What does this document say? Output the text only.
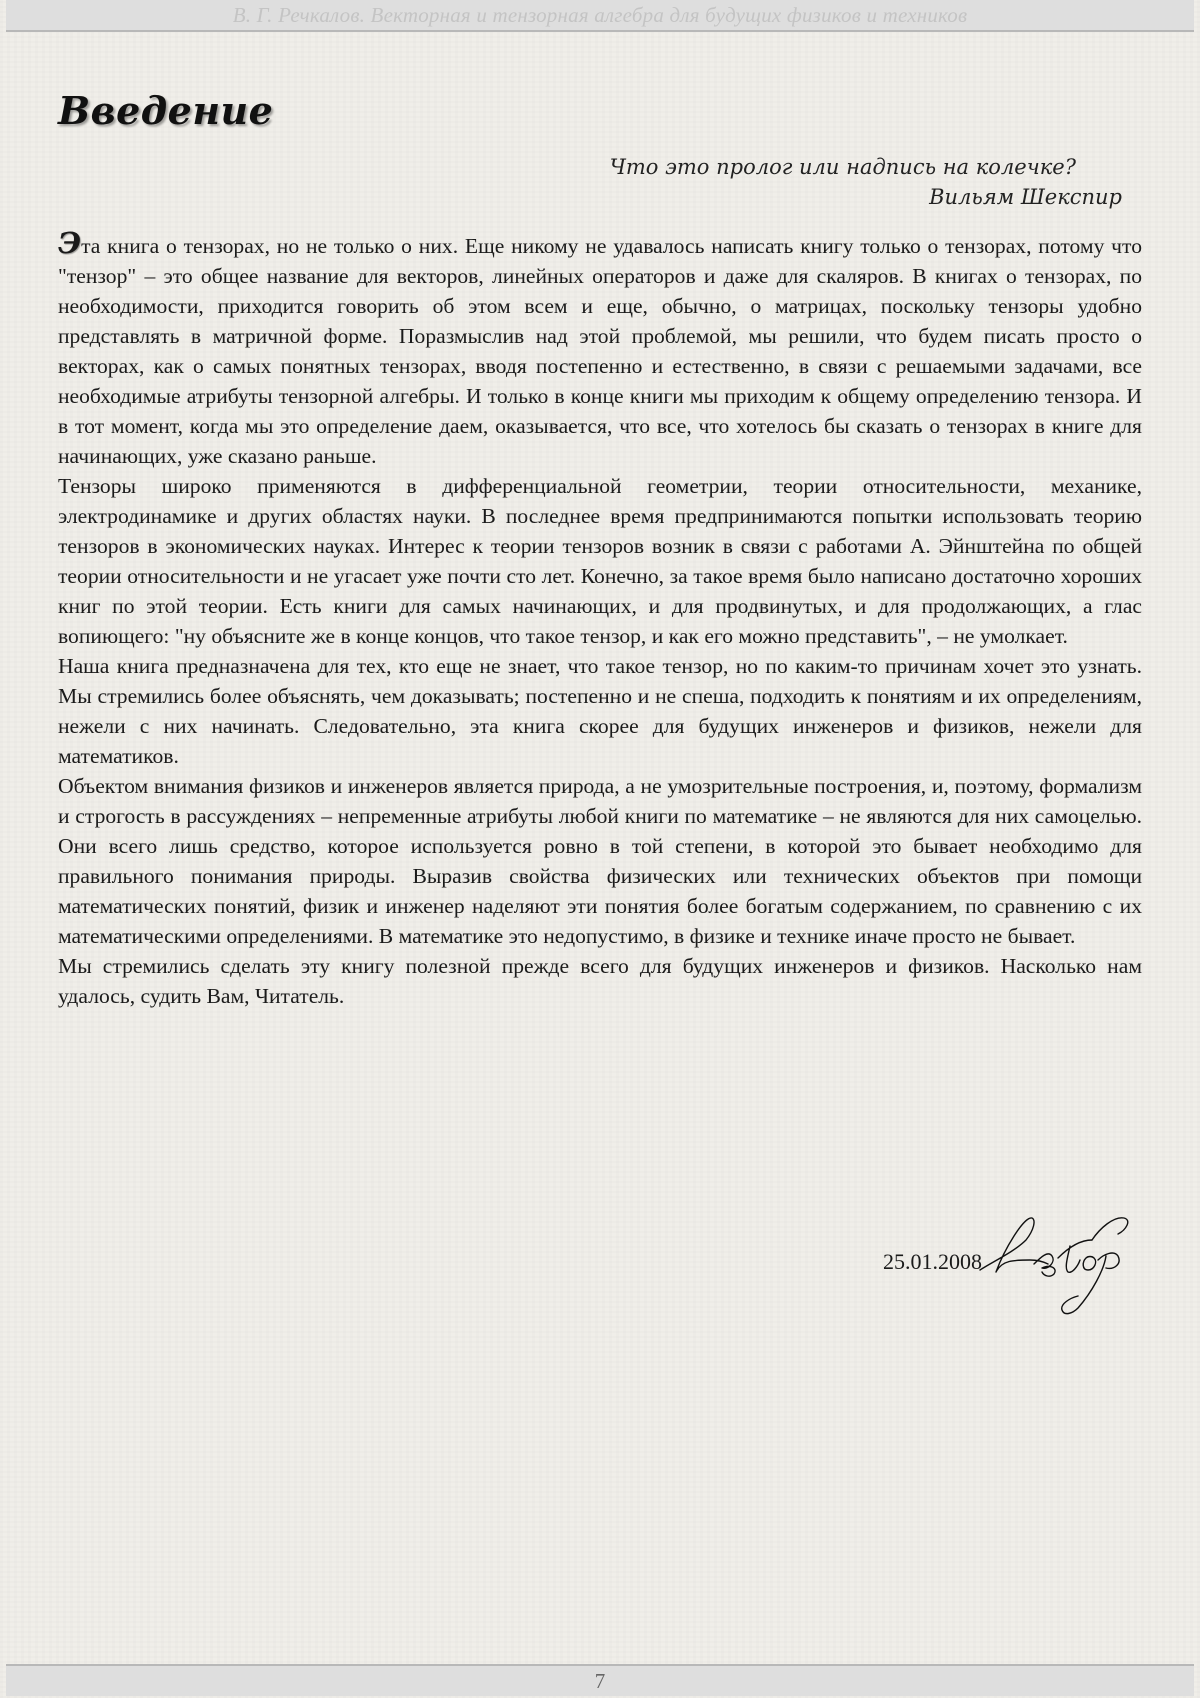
В. Г. Речкалов. Векторная и тензорная алгебра для будущих физиков и техников
Введение
Что это пролог или надпись на колечке?
Вильям Шекспир

Эта книга о тензорах, но не только о них. Еще никому не удавалось написать книгу только о тензорах, потому что "тензор" – это общее название для векторов, линейных операторов и даже для скаляров. В книгах о тензорах, по необходимости, приходится говорить об этом всем и еще, обычно, о матрицах, поскольку тензоры удобно представлять в матричной форме. Поразмыслив над этой проблемой, мы решили, что будем писать просто о векторах, как о самых понятных тензорах, вводя постепенно и естественно, в связи с решаемыми задачами, все необходимые атрибуты тензорной алгебры. И только в конце книги мы приходим к общему определению тен­зора. И в тот момент, когда мы это определение даем, оказывается, что все, что хотелось бы ска­зать о тензорах в книге для начинающих, уже сказано раньше.

Тензоры широко применяются в дифференциальной геометрии, теории относительности, меха­нике, электродинамике и других областях науки. В последнее время предпринимаются попытки использовать теорию тензоров в экономических науках. Интерес к теории тензоров возник в связи с работами А. Эйнштейна по общей теории относительности и не угасает уже почти сто лет. Конечно, за такое время было написано достаточно хороших книг по этой теории. Есть кни­ги для самых начинающих, и для продвинутых, и для продолжающих, а глас вопиющего: "ну объясните же в конце концов, что такое тензор, и как его можно представить", – не умолкает.

Наша книга предназначена для тех, кто еще не знает, что такое тензор, но по каким-то причинам хочет это узнать. Мы стремились более объяснять, чем доказывать; постепенно и не спеша, под­ходить к понятиям и их определениям, нежели с них начинать. Следовательно, эта книга скорее для будущих инженеров и физиков, нежели для математиков.

Объектом внимания физиков и инженеров является природа, а не умозрительные построения, и, поэтому, формализм и строгость в рассуждениях – непременные атрибуты любой книги по ма­тематике – не являются для них самоцелью. Они всего лишь средство, которое используется ровно в той степени, в которой это бывает необходимо для правильного понимания природы. Выразив свойства физических или технических объектов при помощи математических понятий, физик и инженер наделяют эти понятия более богатым содержанием, по сравнению с их мате­матическими определениями. В математике это недопустимо, в физике и технике иначе просто не бывает.

Мы стремились сделать эту книгу полезной прежде всего для будущих инженеров и физиков. Насколько нам удалось, судить Вам, Читатель.

25.01.2008
7
